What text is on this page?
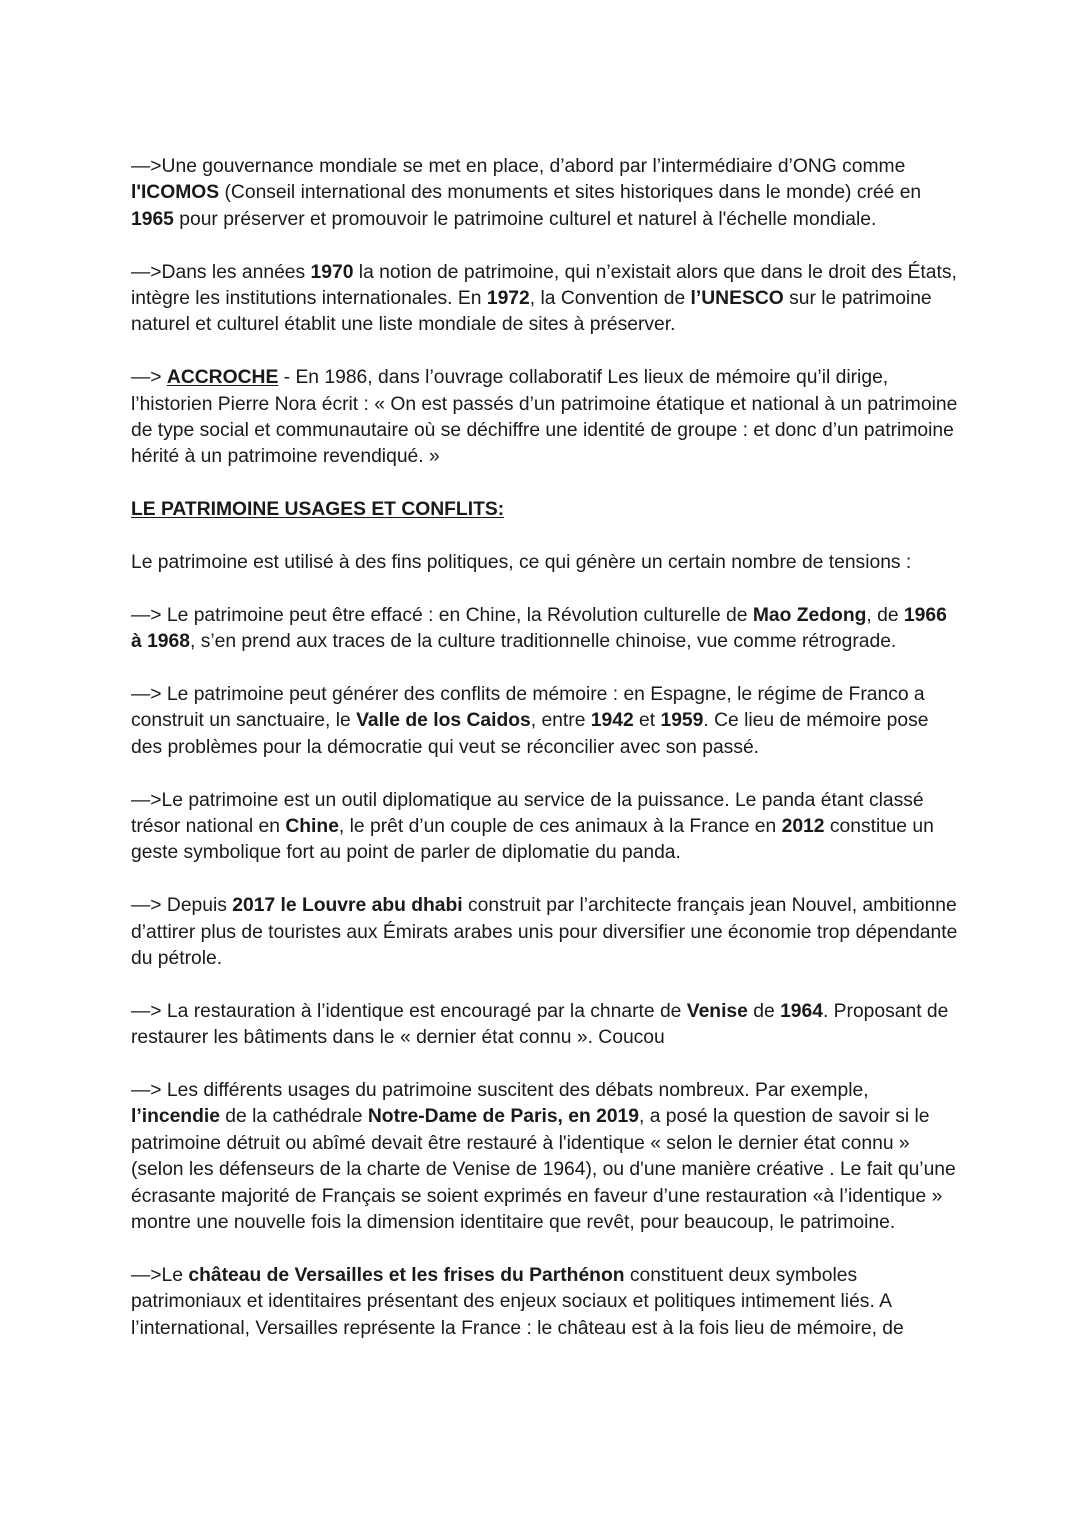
—>Une gouvernance mondiale se met en place, d’abord par l’intermédiaire d’ONG comme l'ICOMOS (Conseil international des monuments et sites historiques dans le monde) créé en 1965 pour préserver et promouvoir le patrimoine culturel et naturel à l'échelle mondiale.

—>Dans les années 1970 la notion de patrimoine, qui n’existait alors que dans le droit des États, intègre les institutions internationales. En 1972, la Convention de l’UNESCO sur le patrimoine naturel et culturel établit une liste mondiale de sites à préserver.

—> ACCROCHE - En 1986, dans l’ouvrage collaboratif Les lieux de mémoire qu’il dirige, l’historien Pierre Nora écrit : « On est passés d’un patrimoine étatique et national à un patrimoine de type social et communautaire où se déchiffre une identité de groupe : et donc d’un patrimoine hérité à un patrimoine revendiqué. »

LE PATRIMOINE USAGES ET CONFLITS:

Le patrimoine est utilisé à des fins politiques, ce qui génère un certain nombre de tensions :

—> Le patrimoine peut être effacé : en Chine, la Révolution culturelle de Mao Zedong, de 1966 à 1968, s’en prend aux traces de la culture traditionnelle chinoise, vue comme rétrograde.

—> Le patrimoine peut générer des conflits de mémoire : en Espagne, le régime de Franco a construit un sanctuaire, le Valle de los Caidos, entre 1942 et 1959. Ce lieu de mémoire pose des problèmes pour la démocratie qui veut se réconcilier avec son passé.

—>Le patrimoine est un outil diplomatique au service de la puissance. Le panda étant classé trésor national en Chine, le prêt d’un couple de ces animaux à la France en 2012 constitue un geste symbolique fort au point de parler de diplomatie du panda.

—> Depuis 2017 le Louvre abu dhabi construit par l’architecte français jean Nouvel, ambitionne d’attirer plus de touristes aux Émirats arabes unis pour diversifier une économie trop dépendante du pétrole.

—> La restauration à l’identique est encouragé par la chnarte de Venise de 1964. Proposant de restaurer les bâtiments dans le « dernier état connu ». Coucou

—> Les différents usages du patrimoine suscitent des débats nombreux. Par exemple, l’incendie de la cathédrale Notre-Dame de Paris, en 2019, a posé la question de savoir si le patrimoine détruit ou abîmé devait être restauré à l'identique « selon le dernier état connu » (selon les défenseurs de la charte de Venise de 1964), ou d'une manière créative . Le fait qu’une écrasante majorité de Français se soient exprimés en faveur d’une restauration «à l’identique » montre une nouvelle fois la dimension identitaire que revêt, pour beaucoup, le patrimoine.

—>Le château de Versailles et les frises du Parthénon constituent deux symboles patrimoniaux et identitaires présentant des enjeux sociaux et politiques intimement liés. A l’international, Versailles représente la France : le château est à la fois lieu de mémoire, de
